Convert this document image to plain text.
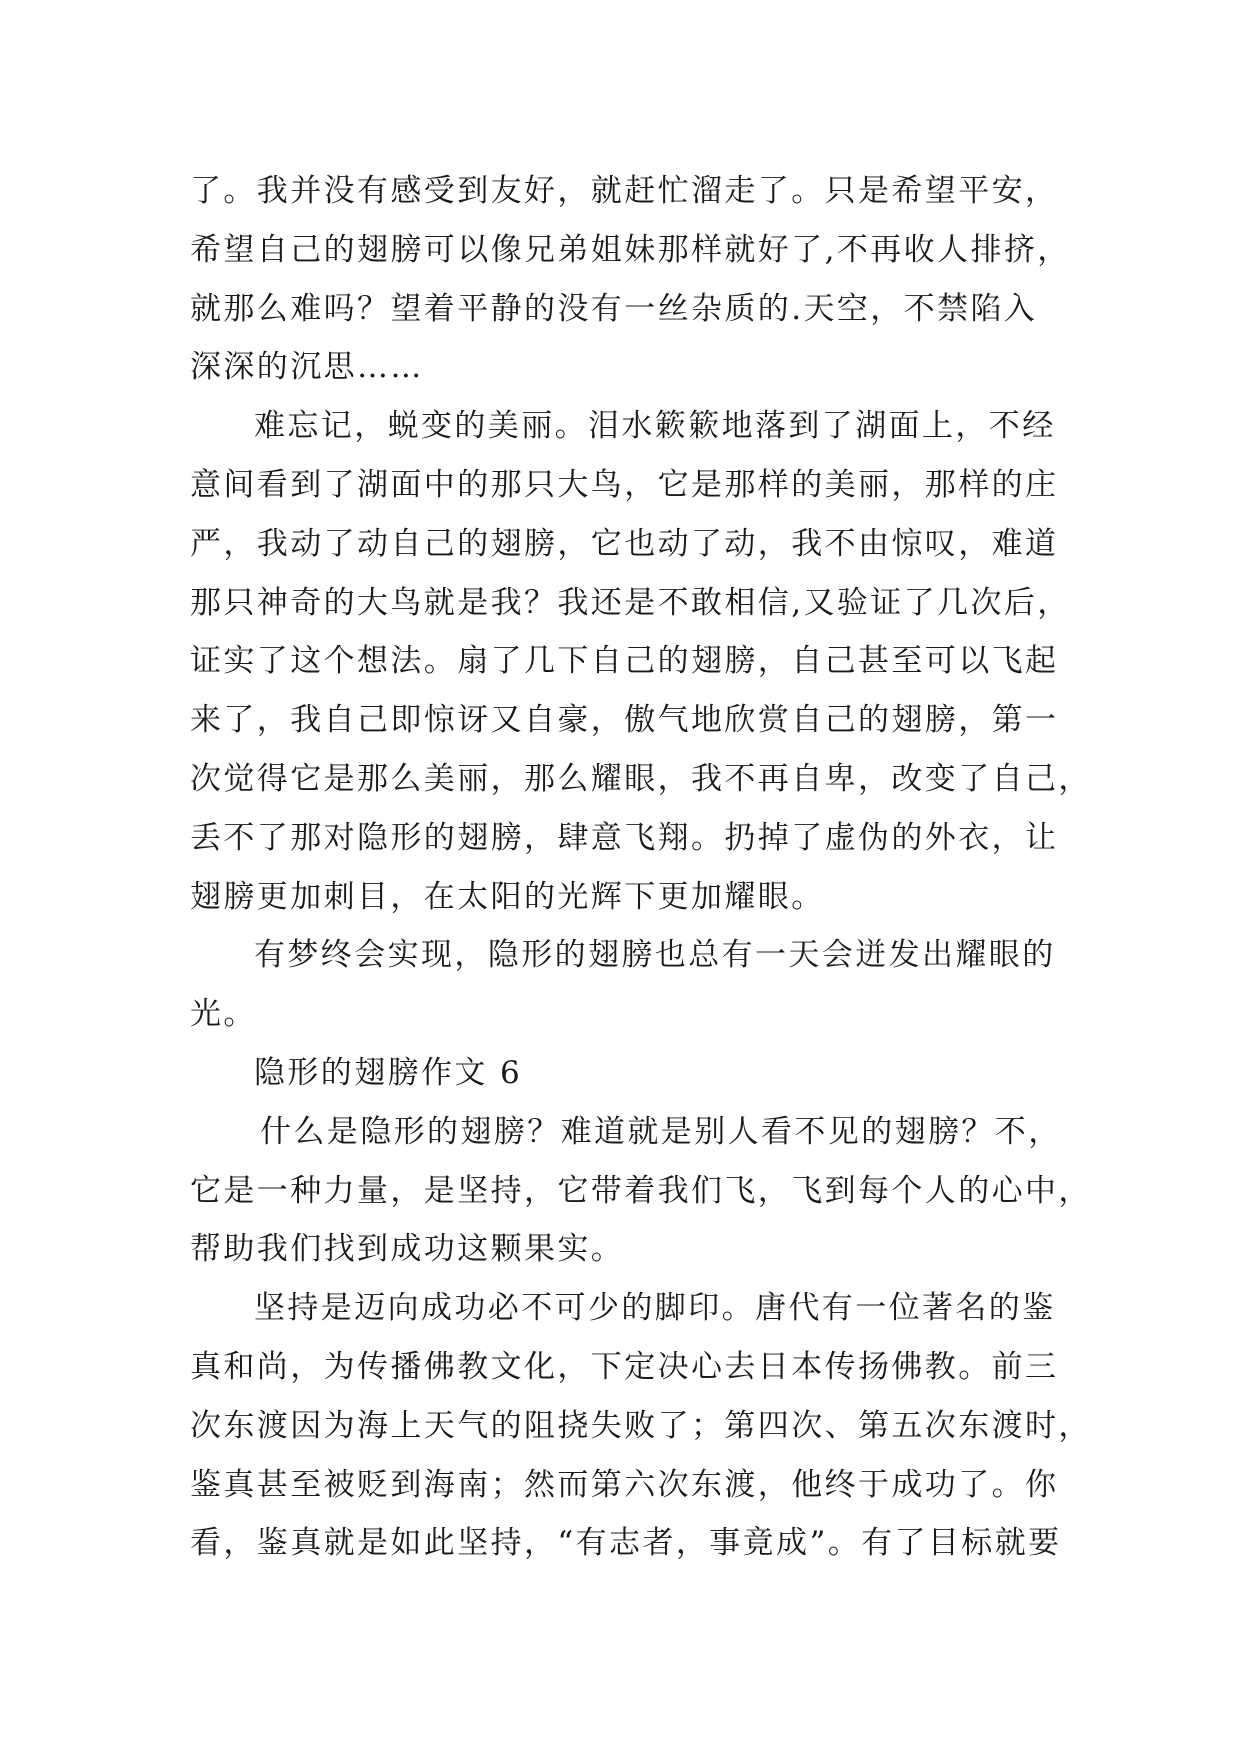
了。我并没有感受到友好，就赶忙溜走了。只是希望平安，
希望自己的翅膀可以像兄弟姐妹那样就好了,不再收人排挤，
就那么难吗？望着平静的没有一丝杂质的.天空，不禁陷入
深深的沉思……
难忘记，蜕变的美丽。泪水簌簌地落到了湖面上，不经
意间看到了湖面中的那只大鸟，它是那样的美丽，那样的庄
严，我动了动自己的翅膀，它也动了动，我不由惊叹，难道
那只神奇的大鸟就是我？我还是不敢相信,又验证了几次后，
证实了这个想法。扇了几下自己的翅膀，自己甚至可以飞起
来了，我自己即惊讶又自豪，傲气地欣赏自己的翅膀，第一
次觉得它是那么美丽，那么耀眼，我不再自卑，改变了自己，
丢不了那对隐形的翅膀，肆意飞翔。扔掉了虚伪的外衣，让
翅膀更加刺目，在太阳的光辉下更加耀眼。
有梦终会实现，隐形的翅膀也总有一天会迸发出耀眼的
光。
隐形的翅膀作文 6
什么是隐形的翅膀？难道就是别人看不见的翅膀？不，
它是一种力量，是坚持，它带着我们飞，飞到每个人的心中，
帮助我们找到成功这颗果实。
坚持是迈向成功必不可少的脚印。唐代有一位著名的鉴
真和尚，为传播佛教文化，下定决心去日本传扬佛教。前三
次东渡因为海上天气的阻挠失败了；第四次、第五次东渡时，
鉴真甚至被贬到海南；然而第六次东渡，他终于成功了。你
看，鉴真就是如此坚持，“有志者，事竟成”。有了目标就要
